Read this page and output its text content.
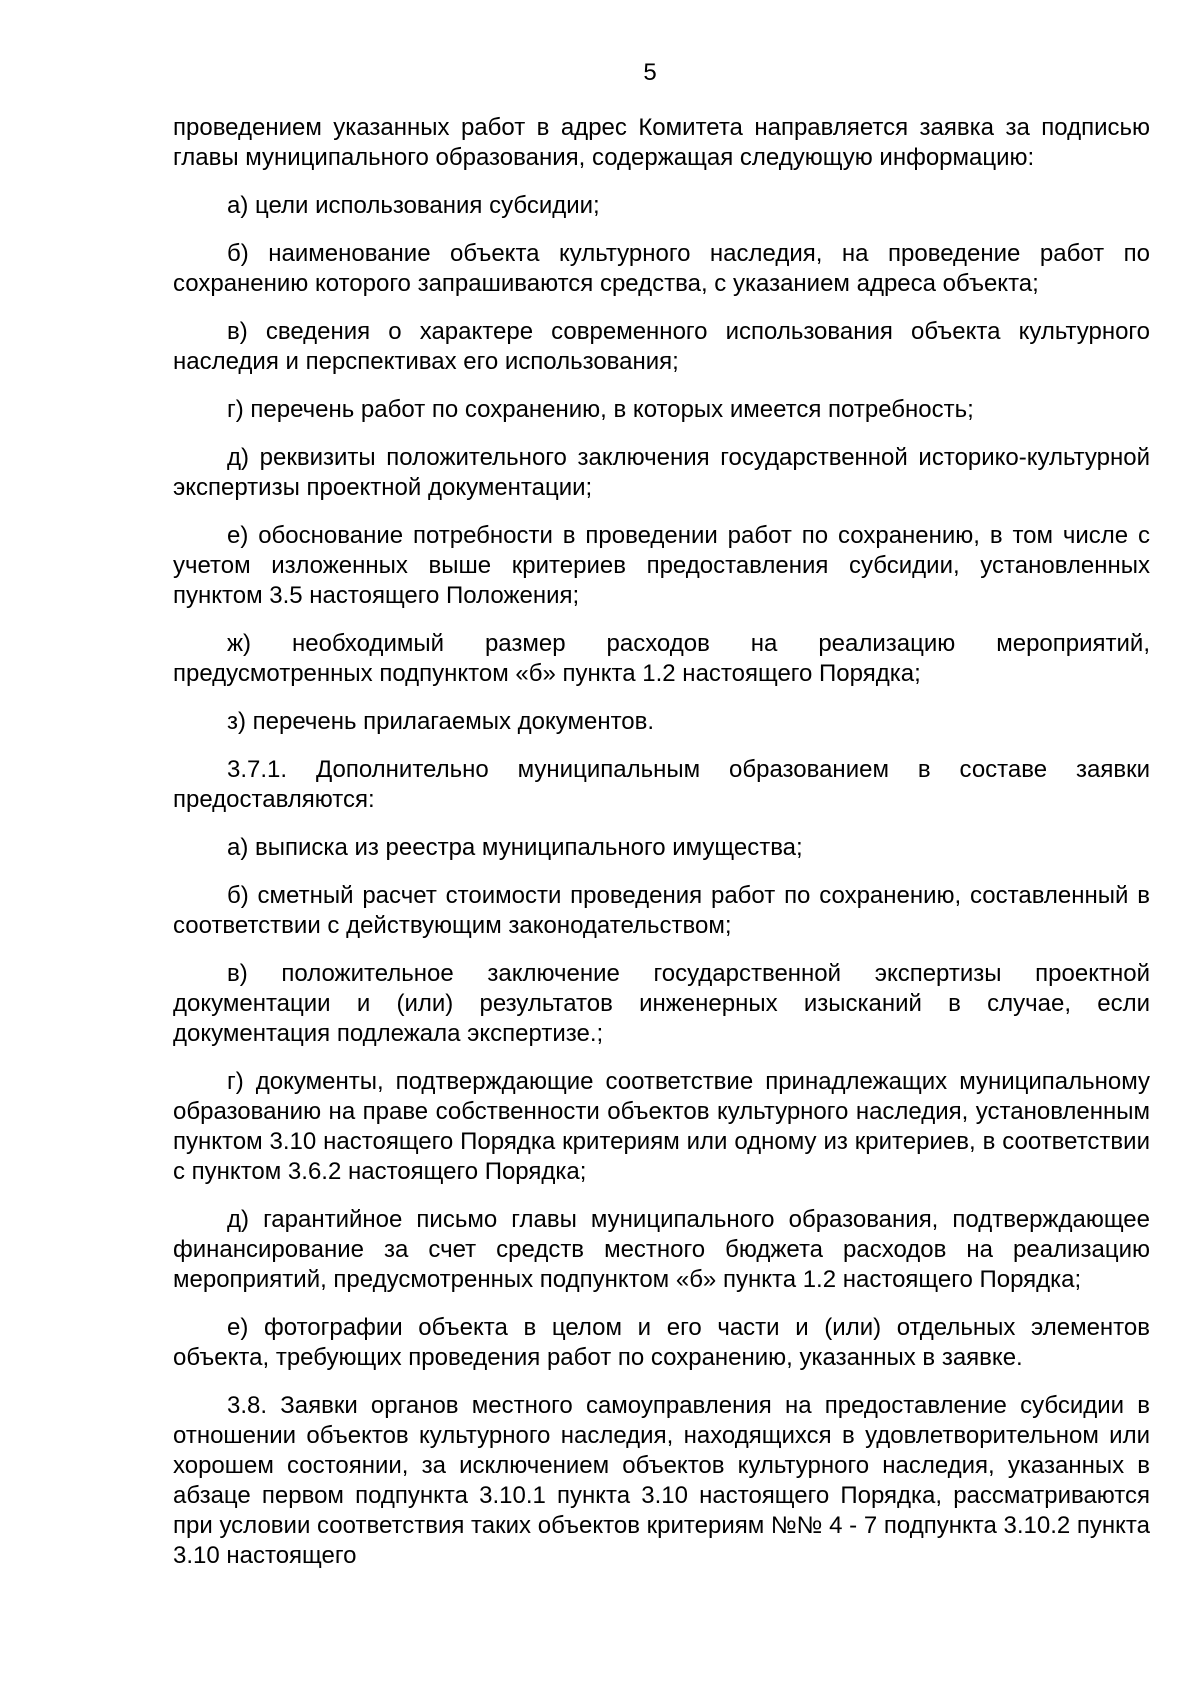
5

проведением указанных работ в адрес Комитета направляется заявка за подписью главы муниципального образования, содержащая следующую информацию:

а) цели использования субсидии;

б) наименование объекта культурного наследия, на проведение работ по сохранению которого запрашиваются средства, с указанием адреса объекта;

в) сведения о характере современного использования объекта культурного наследия и перспективах его использования;

г) перечень работ по сохранению, в которых имеется потребность;

д) реквизиты положительного заключения государственной историко-культурной экспертизы проектной документации;

е) обоснование потребности в проведении работ по сохранению, в том числе с учетом изложенных выше критериев предоставления субсидии, установленных пунктом 3.5 настоящего Положения;

ж) необходимый размер расходов на реализацию мероприятий, предусмотренных подпунктом «б» пункта 1.2 настоящего Порядка;

з) перечень прилагаемых документов.

3.7.1. Дополнительно муниципальным образованием в составе заявки предоставляются:

а) выписка из реестра муниципального имущества;

б) сметный расчет стоимости проведения работ по сохранению, составленный в соответствии с действующим законодательством;

в) положительное заключение государственной экспертизы проектной документации и (или) результатов инженерных изысканий в случае, если документация подлежала экспертизе.;

г) документы, подтверждающие соответствие принадлежащих муниципальному образованию на праве собственности объектов культурного наследия, установленным пунктом 3.10 настоящего Порядка критериям или одному из критериев, в соответствии с пунктом 3.6.2 настоящего Порядка;

д) гарантийное письмо главы муниципального образования, подтверждающее финансирование за счет средств местного бюджета расходов на реализацию мероприятий, предусмотренных подпунктом «б» пункта 1.2 настоящего Порядка;

е) фотографии объекта в целом и его части и (или) отдельных элементов объекта, требующих проведения работ по сохранению, указанных в заявке.

3.8. Заявки органов местного самоуправления на предоставление субсидии в отношении объектов культурного наследия, находящихся в удовлетворительном или хорошем состоянии, за исключением объектов культурного наследия, указанных в абзаце первом подпункта 3.10.1 пункта 3.10 настоящего Порядка, рассматриваются при условии соответствия таких объектов критериям №№ 4 - 7 подпункта 3.10.2 пункта 3.10 настоящего
